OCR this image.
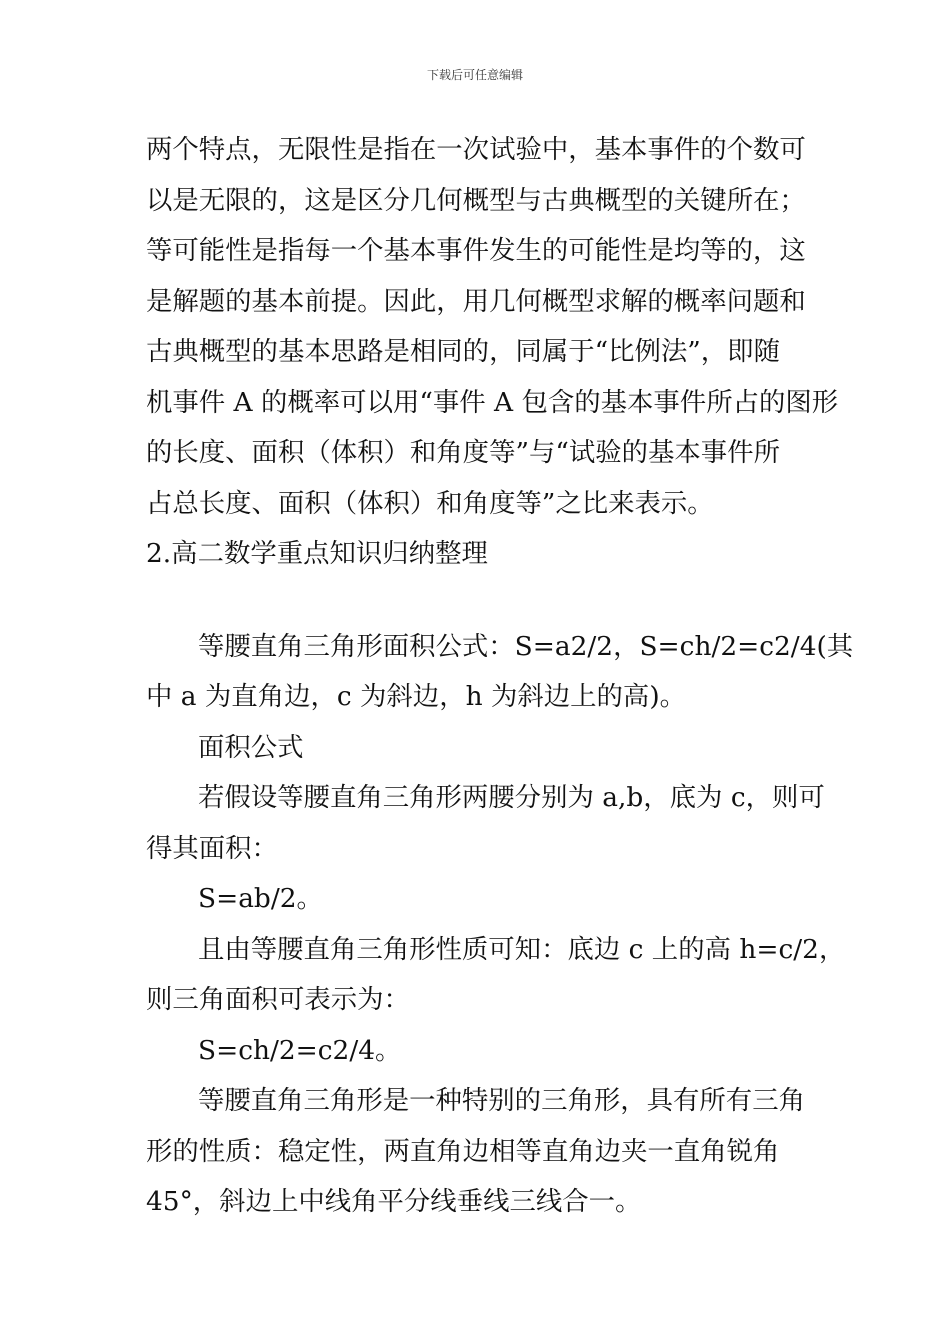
下载后可任意编辑
两个特点，无限性是指在一次试验中，基本事件的个数可
以是无限的，这是区分几何概型与古典概型的关键所在；
等可能性是指每一个基本事件发生的可能性是均等的，这
是解题的基本前提。因此，用几何概型求解的概率问题和
古典概型的基本思路是相同的，同属于“比例法”，即随
机事件 A 的概率可以用“事件 A 包含的基本事件所占的图形
的长度、面积（体积）和角度等”与“试验的基本事件所
占总长度、面积（体积）和角度等”之比来表示。
2.高二数学重点知识归纳整理
等腰直角三角形面积公式：S=a2/2，S=ch/2=c2/4(其
中 a 为直角边，c 为斜边，h 为斜边上的高)。
面积公式
若假设等腰直角三角形两腰分别为 a,b，底为 c，则可
得其面积：
S=ab/2。
且由等腰直角三角形性质可知：底边 c 上的高 h=c/2，
则三角面积可表示为：
S=ch/2=c2/4。
等腰直角三角形是一种特别的三角形，具有所有三角
形的性质：稳定性，两直角边相等直角边夹一直角锐角
45°，斜边上中线角平分线垂线三线合一。
